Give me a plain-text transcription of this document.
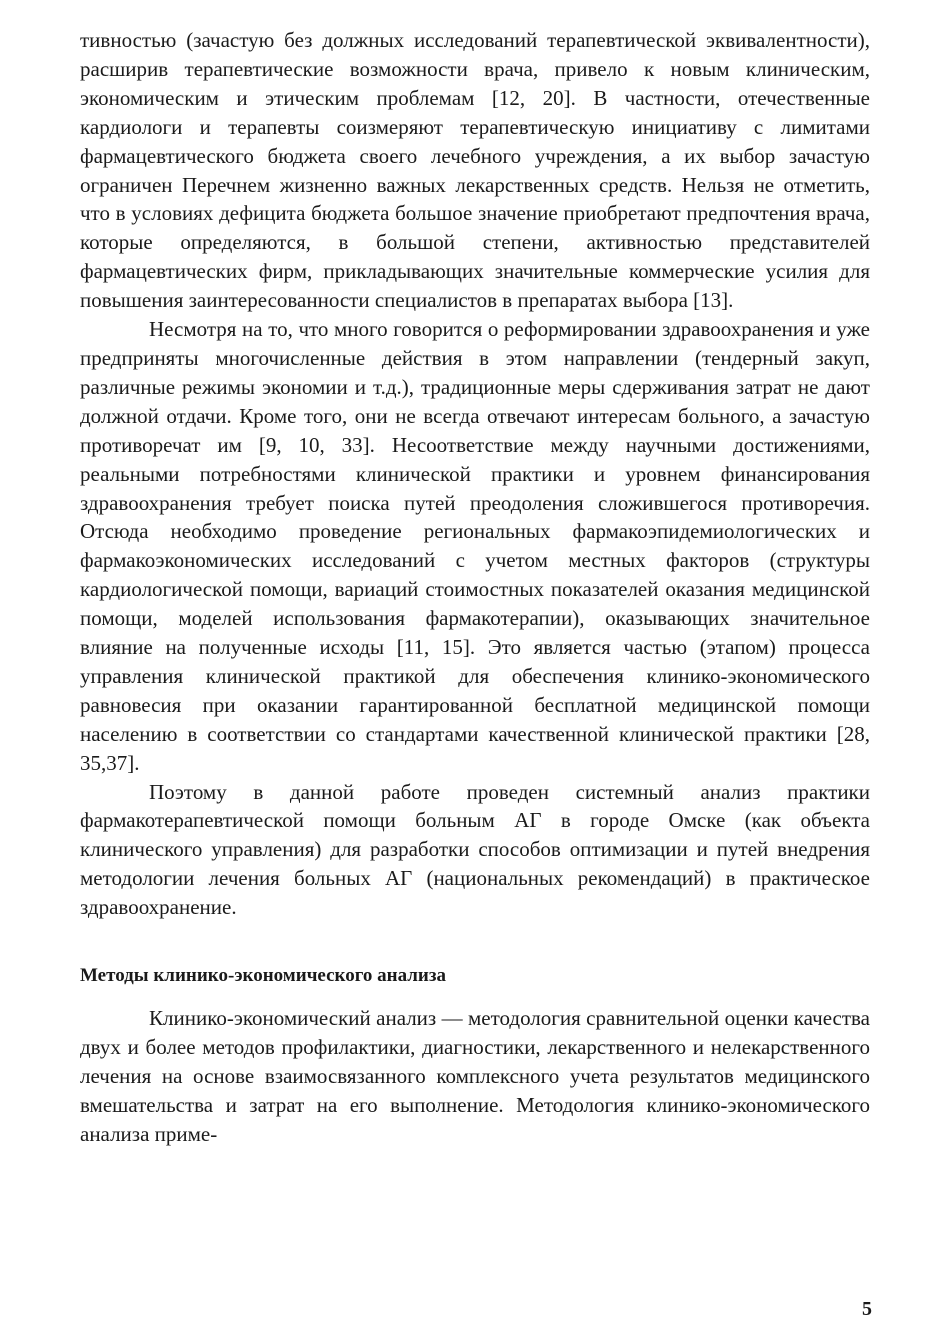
тивностью (зачастую без должных исследований терапевтической эквивалентности), расширив терапевтические возможности врача, привело к новым клиническим, экономическим и этическим проблемам [12, 20]. В частности, отечественные кардиологи и терапевты соизмеряют терапевтическую инициативу с лимитами фармацевтического бюджета своего лечебного учреждения, а их выбор зачастую ограничен Перечнем жизненно важных лекарственных средств. Нельзя не отметить, что в условиях дефицита бюджета большое значение приобретают предпочтения врача, которые определяются, в большой степени, активностью представителей фармацевтических фирм, прикладывающих значительные коммерческие усилия для повышения заинтересованности специалистов в препаратах выбора [13].

Несмотря на то, что много говорится о реформировании здравоохранения и уже предприняты многочисленные действия в этом направлении (тендерный закуп, различные режимы экономии и т.д.), традиционные меры сдерживания затрат не дают должной отдачи. Кроме того, они не всегда отвечают интересам больного, а зачастую противоречат им [9, 10, 33]. Несоответствие между научными достижениями, реальными потребностями клинической практики и уровнем финансирования здравоохранения требует поиска путей преодоления сложившегося противоречия. Отсюда необходимо проведение региональных фармакоэпидемиологических и фармакоэкономических исследований с учетом местных факторов (структуры кардиологической помощи, вариаций стоимостных показателей оказания медицинской помощи, моделей использования фармакотерапии), оказывающих значительное влияние на полученные исходы [11, 15]. Это является частью (этапом) процесса управления клинической практикой для обеспечения клинико-экономического равновесия при оказании гарантированной бесплатной медицинской помощи населению в соответствии со стандартами качественной клинической практики [28, 35,37].

Поэтому в данной работе проведен системный анализ практики фармакотерапевтической помощи больным АГ в городе Омске (как объекта клинического управления) для разработки способов оптимизации и путей внедрения методологии лечения больных АГ (национальных рекомендаций) в практическое здравоохранение.

Методы клинико-экономического анализа

Клинико-экономический анализ — методология сравнительной оценки качества двух и более методов профилактики, диагностики, лекарственного и нелекарственного лечения на основе взаимосвязанного комплексного учета результатов медицинского вмешательства и затрат на его выполнение. Методология клинико-экономического анализа приме-

5
